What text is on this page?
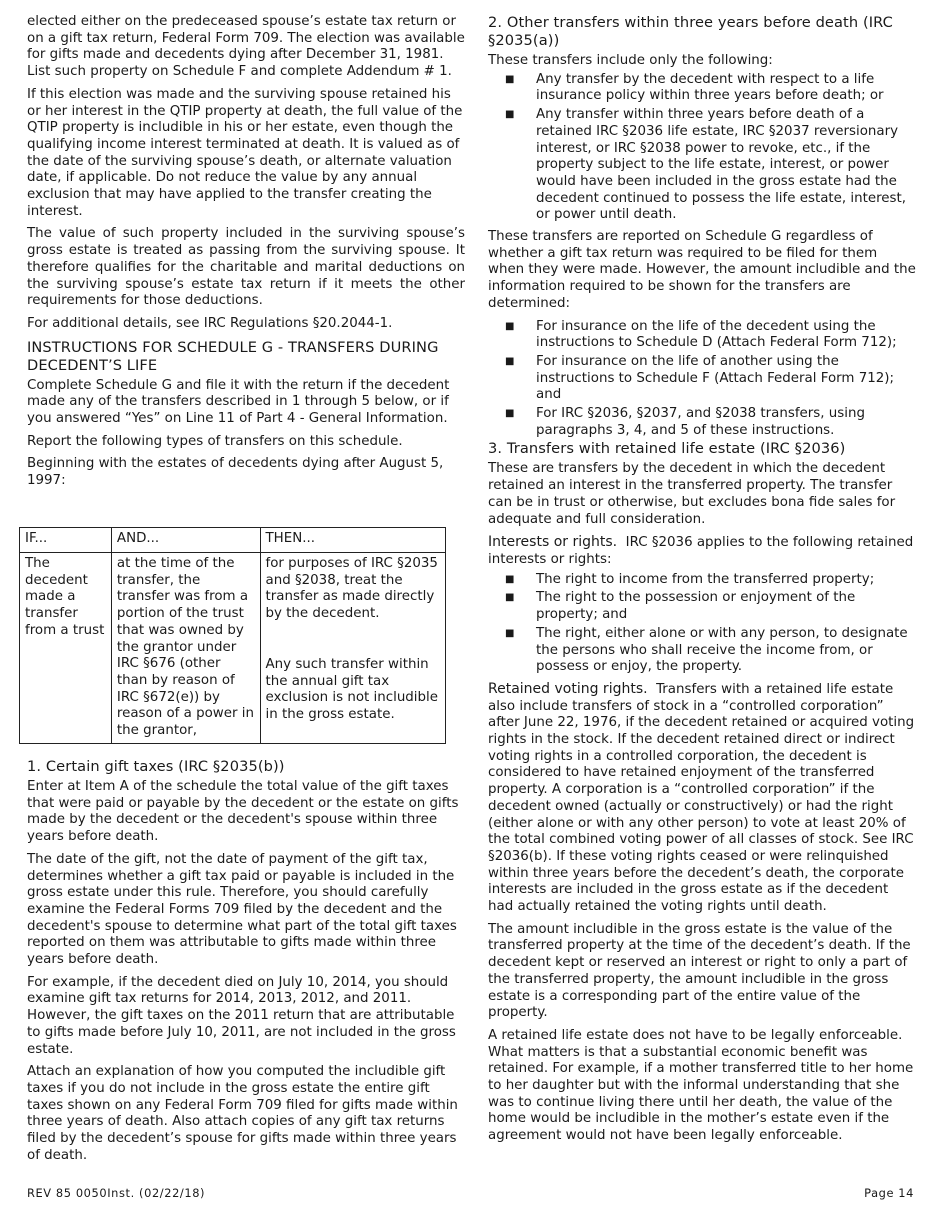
elected either on the predeceased spouse’s estate tax return or on a gift tax return, Federal Form 709. The election was available for gifts made and decedents dying after December 31, 1981. List such property on Schedule F and complete Addendum # 1.

If this election was made and the surviving spouse retained his or her interest in the QTIP property at death, the full value of the QTIP property is includible in his or her estate, even though the qualifying income interest terminated at death. It is valued as of the date of the surviving spouse’s death, or alternate valuation date, if applicable. Do not reduce the value by any annual exclusion that may have applied to the transfer creating the interest.

The value of such property included in the surviving spouse’s gross estate is treated as passing from the surviving spouse. It therefore qualifies for the charitable and marital deductions on the surviving spouse’s estate tax return if it meets the other requirements for those deductions.

For additional details, see IRC Regulations §20.2044-1.

INSTRUCTIONS FOR SCHEDULE G - TRANSFERS DURING DECEDENT’S LIFE

Complete Schedule G and file it with the return if the decedent made any of the transfers described in 1 through 5 below, or if you answered “Yes” on Line 11 of Part 4 - General Information.

Report the following types of transfers on this schedule.

Beginning with the estates of decedents dying after August 5, 1997:

IF...	AND...	THEN...
The decedent made a transfer from a trust	at the time of the transfer, the transfer was from a portion of the trust that was owned by the grantor under IRC §676 (other than by reason of IRC §672(e)) by reason of a power in the grantor,	for purposes of IRC §2035 and §2038, treat the transfer as made directly by the decedent.
Any such transfer within the annual gift tax exclusion is not includible in the gross estate.

1. Certain gift taxes (IRC §2035(b))

Enter at Item A of the schedule the total value of the gift taxes that were paid or payable by the decedent or the estate on gifts made by the decedent or the decedent's spouse within three years before death.

The date of the gift, not the date of payment of the gift tax, determines whether a gift tax paid or payable is included in the gross estate under this rule. Therefore, you should carefully examine the Federal Forms 709 filed by the decedent and the decedent's spouse to determine what part of the total gift taxes reported on them was attributable to gifts made within three years before death.

For example, if the decedent died on July 10, 2014, you should examine gift tax returns for 2014, 2013, 2012, and 2011. However, the gift taxes on the 2011 return that are attributable to gifts made before July 10, 2011, are not included in the gross estate.

Attach an explanation of how you computed the includible gift taxes if you do not include in the gross estate the entire gift taxes shown on any Federal Form 709 filed for gifts made within three years of death. Also attach copies of any gift tax returns filed by the decedent’s spouse for gifts made within three years of death.

2. Other transfers within three years before death (IRC §2035(a))

These transfers include only the following:

■ Any transfer by the decedent with respect to a life insurance policy within three years before death; or
■ Any transfer within three years before death of a retained IRC §2036 life estate, IRC §2037 reversionary interest, or IRC §2038 power to revoke, etc., if the property subject to the life estate, interest, or power would have been included in the gross estate had the decedent continued to possess the life estate, interest, or power until death.

These transfers are reported on Schedule G regardless of whether a gift tax return was required to be filed for them when they were made. However, the amount includible and the information required to be shown for the transfers are determined:

■ For insurance on the life of the decedent using the instructions to Schedule D (Attach Federal Form 712);
■ For insurance on the life of another using the instructions to Schedule F (Attach Federal Form 712); and
■ For IRC §2036, §2037, and §2038 transfers, using paragraphs 3, 4, and 5 of these instructions.

3. Transfers with retained life estate (IRC §2036)

These are transfers by the decedent in which the decedent retained an interest in the transferred property. The transfer can be in trust or otherwise, but excludes bona fide sales for adequate and full consideration.

Interests or rights. IRC §2036 applies to the following retained interests or rights:

■ The right to income from the transferred property;
■ The right to the possession or enjoyment of the property; and
■ The right, either alone or with any person, to designate the persons who shall receive the income from, or possess or enjoy, the property.

Retained voting rights. Transfers with a retained life estate also include transfers of stock in a “controlled corporation” after June 22, 1976, if the decedent retained or acquired voting rights in the stock. If the decedent retained direct or indirect voting rights in a controlled corporation, the decedent is considered to have retained enjoyment of the transferred property. A corporation is a “controlled corporation” if the decedent owned (actually or constructively) or had the right (either alone or with any other person) to vote at least 20% of the total combined voting power of all classes of stock. See IRC §2036(b). If these voting rights ceased or were relinquished within three years before the decedent’s death, the corporate interests are included in the gross estate as if the decedent had actually retained the voting rights until death.

The amount includible in the gross estate is the value of the transferred property at the time of the decedent’s death. If the decedent kept or reserved an interest or right to only a part of the transferred property, the amount includible in the gross estate is a corresponding part of the entire value of the property.

A retained life estate does not have to be legally enforceable. What matters is that a substantial economic benefit was retained. For example, if a mother transferred title to her home to her daughter but with the informal understanding that she was to continue living there until her death, the value of the home would be includible in the mother’s estate even if the agreement would not have been legally enforceable.

REV 85 0050Inst. (02/22/18)	Page 14
